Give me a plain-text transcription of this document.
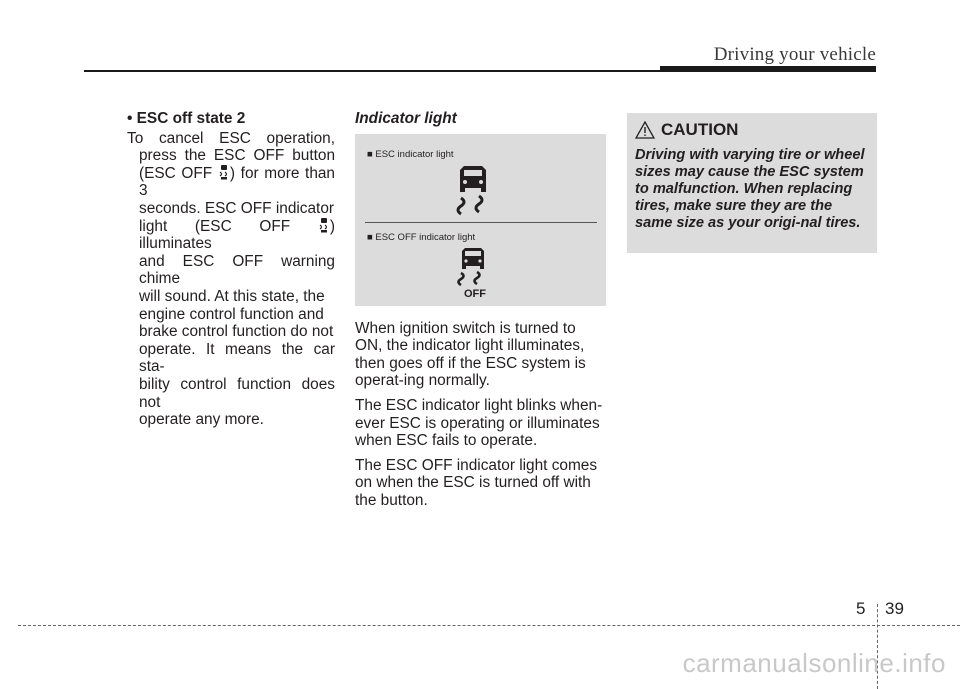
Driving your vehicle
• ESC off state 2
To cancel ESC operation,
press the ESC OFF button
(ESC OFF ) for more than 3
seconds. ESC OFF indicator
light (ESC OFF	) illuminates
and ESC OFF warning chime
will sound. At this state, the
engine control function and
brake control function do not
operate. It means the car sta-
bility control function does not
operate any more.
Indicator light
■ ESC indicator light
■ ESC OFF indicator light
OFF

When ignition switch is turned to ON, the indicator light illuminates, then goes off if the ESC system is operat-ing normally.

The ESC indicator light blinks when-ever ESC is operating or illuminates when ESC fails to operate.

The ESC OFF indicator light comes on when the ESC is turned off with the button.

CAUTION
Driving with varying tire or wheel sizes may cause the ESC system to malfunction. When replacing tires, make sure they are the same size as your origi-nal tires.
5 39
carmanualsonline.info
